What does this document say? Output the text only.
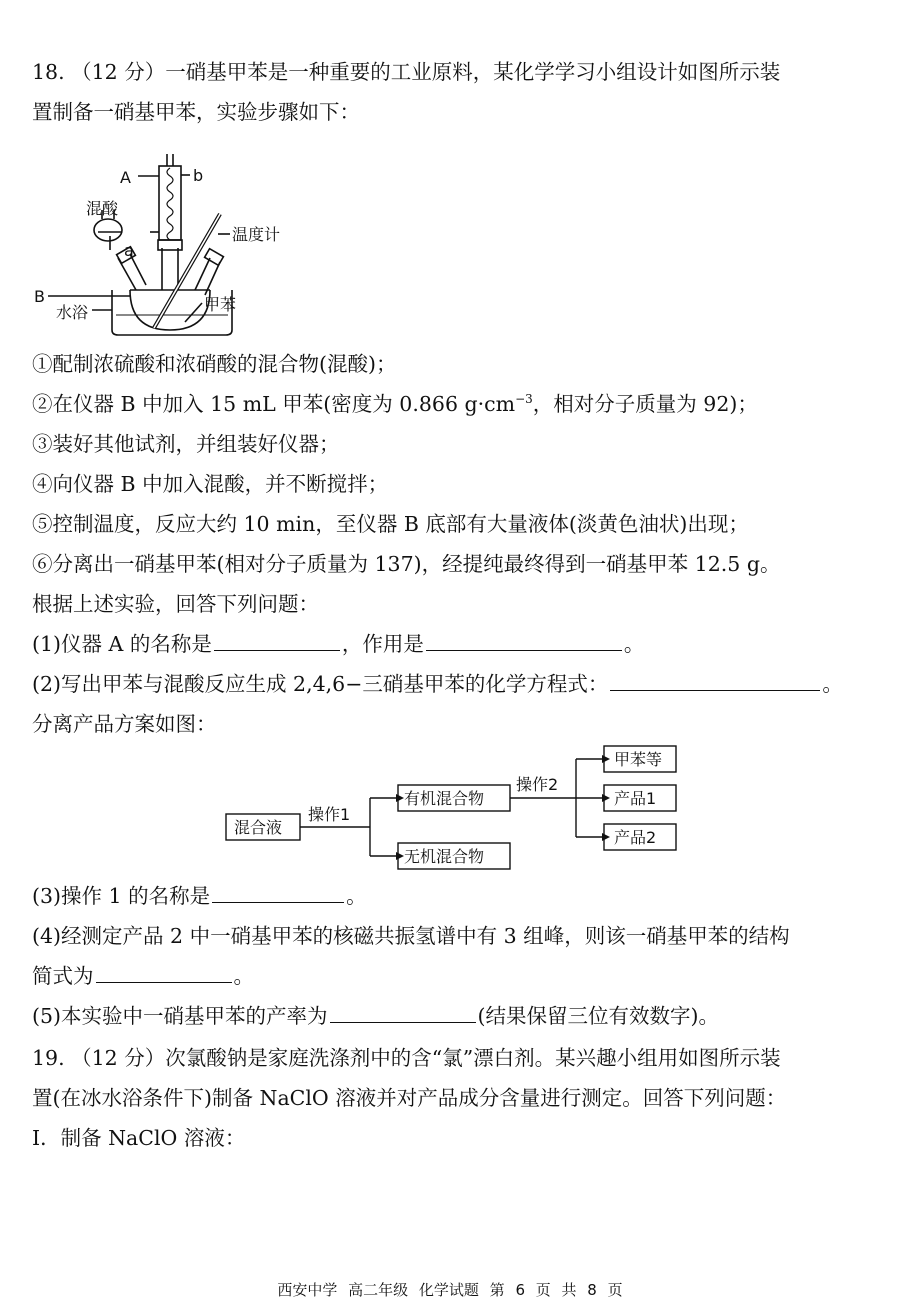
18. （12 分）一硝基甲苯是一种重要的工业原料，某化学学习小组设计如图所示装
置制备一硝基甲苯，实验步骤如下：
A	b
混酸
a
温度计
B
水浴	甲苯
①配制浓硫酸和浓硝酸的混合物(混酸)；
②在仪器 B 中加入 15 mL 甲苯(密度为 0.866 $g\cdot cm^{-3}$，相对分子质量为 92)；
③装好其他试剂，并组装好仪器；
④向仪器 B 中加入混酸，并不断搅拌；
⑤控制温度，反应大约 10 min，至仪器 B 底部有大量液体(淡黄色油状)出现；
⑥分离出一硝基甲苯(相对分子质量为 137)，经提纯最终得到一硝基甲苯 12.5 g。
根据上述实验，回答下列问题：
(1)仪器 A 的名称是	，作用是	。
(2)写出甲苯与混酸反应生成 2,4,6−三硝基甲苯的化学方程式：	。
分离产品方案如图：
混合液
操作1
有机混合物
无机混合物
操作2
甲苯等
产品1
产品2
(3)操作 1 的名称是	。
(4)经测定产品 2 中一硝基甲苯的核磁共振氢谱中有 3 组峰，则该一硝基甲苯的结构
简式为	。
(5)本实验中一硝基甲苯的产率为	(结果保留三位有效数字)。
19. （12 分）次氯酸钠是家庭洗涤剂中的含“氯”漂白剂。某兴趣小组用如图所示装
置(在冰水浴条件下)制备 NaClO 溶液并对产品成分含量进行测定。回答下列问题：
I．制备 NaClO 溶液：
西安中学 高二年级 化学试题 第 6 页 共 8 页
